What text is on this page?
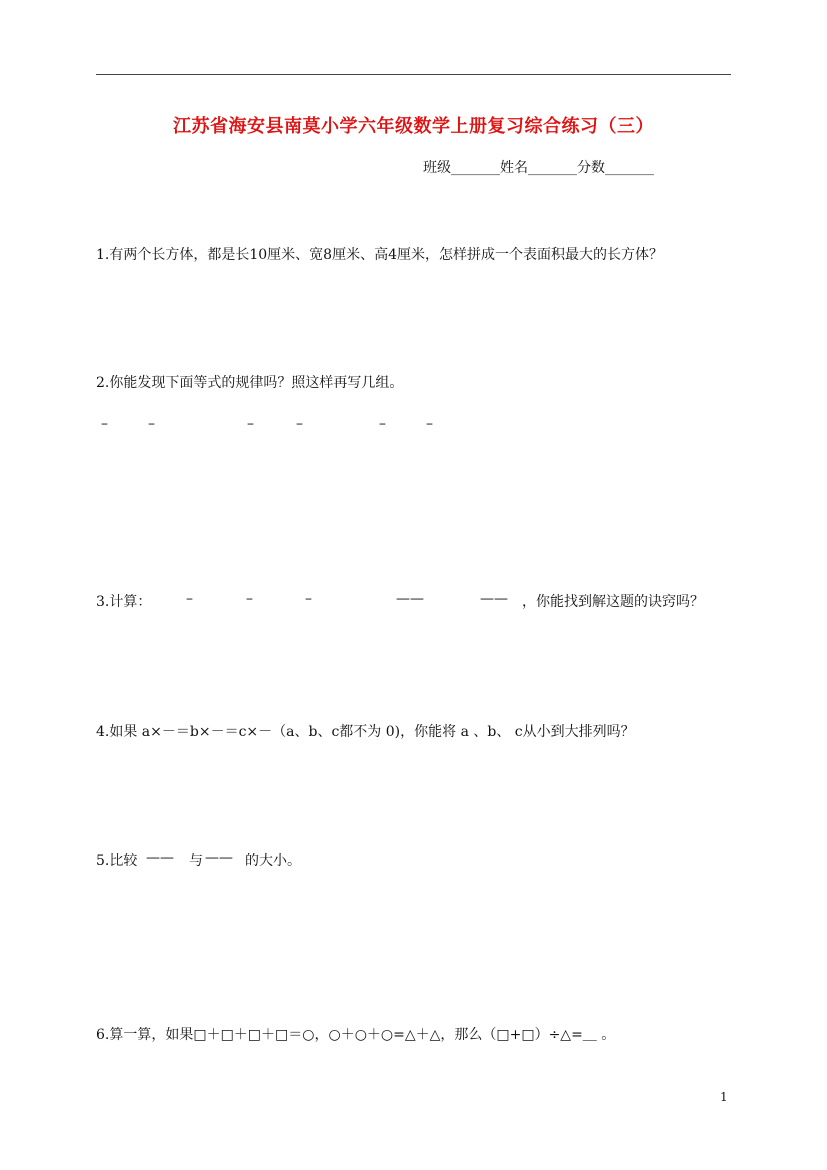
江苏省海安县南莫小学六年级数学上册复习综合练习（三）
班级_______姓名_______分数_______
1.有两个长方体，都是长10厘米、宽8厘米、高4厘米，怎样拼成一个表面积最大的长方体？
2.你能发现下面等式的规律吗？照这样再写几组。
–	–	–	–	–	–
3.计算： –	–	–	——	—— ，你能找到解这题的诀窍吗？
4.如果 a×－＝b×－＝c×－（a、b、c都不为 0)，你能将 a 、b、 c从小到大排列吗？
5.比较 —— 与 —— 的大小。
6.算一算，如果□＋□＋□＋□＝○，○＋○＋○=△＋△，那么（□+□）÷△=＿ 。
1
